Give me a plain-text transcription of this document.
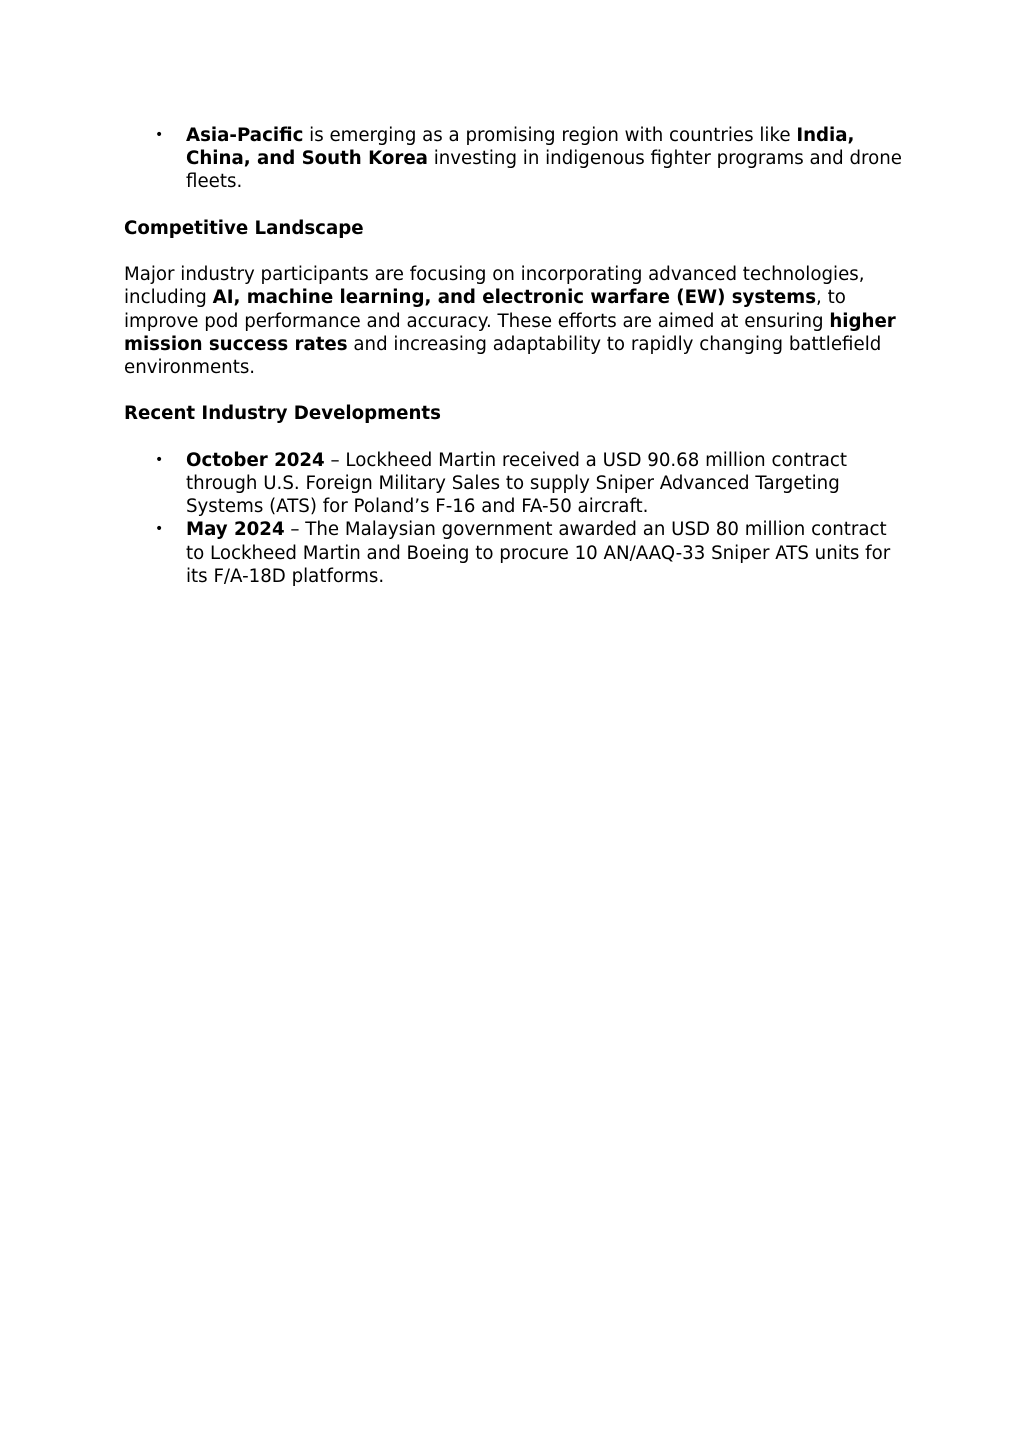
• Asia-Pacific is emerging as a promising region with countries like India, China, and South Korea investing in indigenous fighter programs and drone fleets.

Competitive Landscape

Major industry participants are focusing on incorporating advanced technologies, including AI, machine learning, and electronic warfare (EW) systems, to improve pod performance and accuracy. These efforts are aimed at ensuring higher mission success rates and increasing adaptability to rapidly changing battlefield environments.

Recent Industry Developments

• October 2024 – Lockheed Martin received a USD 90.68 million contract through U.S. Foreign Military Sales to supply Sniper Advanced Targeting Systems (ATS) for Poland’s F-16 and FA-50 aircraft.
• May 2024 – The Malaysian government awarded an USD 80 million contract to Lockheed Martin and Boeing to procure 10 AN/AAQ-33 Sniper ATS units for its F/A-18D platforms.
